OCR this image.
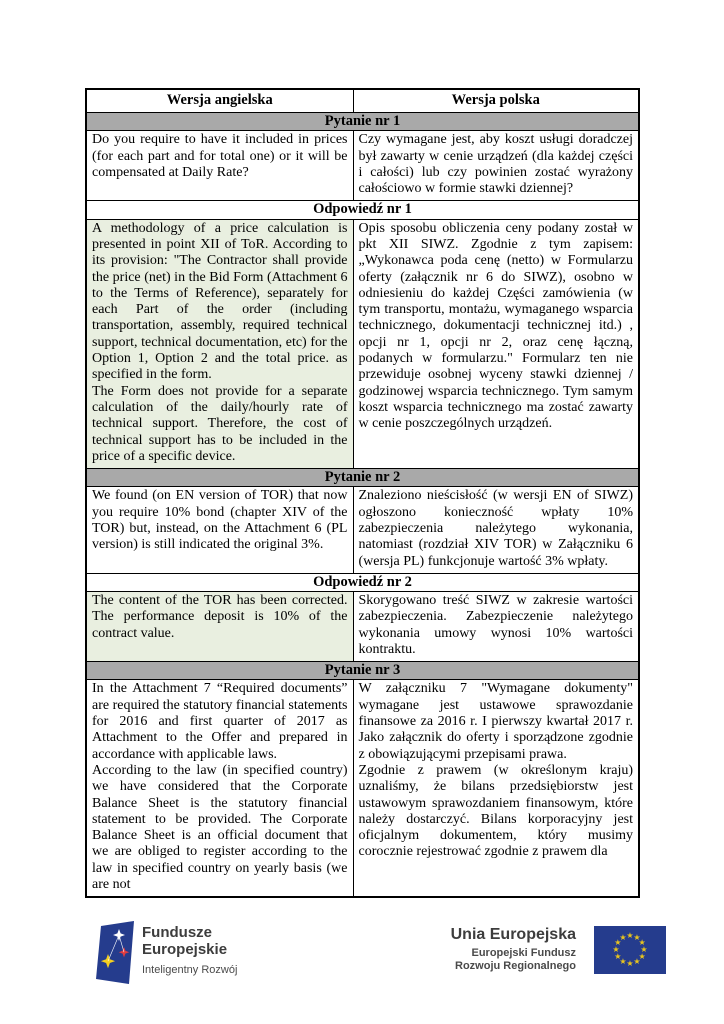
Wersja angielska	Wersja polska
Pytanie nr 1	
Do you require to have it included in prices (for each part and for total one) or it will be compensated at Daily Rate?	Czy wymagane jest, aby koszt usługi doradczej był zawarty w cenie urządzeń (dla każdej części i całości) lub czy powinien zostać wyrażony całościowo w formie stawki dziennej?
Odpowiedź nr 1	
A methodology of a price calculation is presented in point XII of ToR. According to its provision: "The Contractor shall provide the price (net) in the Bid Form (Attachment 6 to the Terms of Reference), separately for each Part of the order (including transportation, assembly, required technical support, technical documentation, etc) for the Option 1, Option 2 and the total price. as specified in the form.
The Form does not provide for a separate calculation of the daily/hourly rate of technical support. Therefore, the cost of technical support has to be included in the price of a specific device.	Opis sposobu obliczenia ceny podany został w pkt XII SIWZ. Zgodnie z tym zapisem: „Wykonawca poda cenę (netto) w Formularzu oferty (załącznik nr 6 do SIWZ), osobno w odniesieniu do każdej Części zamówienia (w tym transportu, montażu, wymaganego wsparcia technicznego, dokumentacji technicznej itd.) , opcji nr 1, opcji nr 2, oraz cenę łączną, podanych w formularzu." Formularz ten nie przewiduje osobnej wyceny stawki dziennej / godzinowej wsparcia technicznego. Tym samym koszt wsparcia technicznego ma zostać zawarty w cenie poszczególnych urządzeń.
Pytanie nr 2	
We found (on EN version of TOR) that now you require 10% bond (chapter XIV of the TOR) but, instead, on the Attachment 6 (PL version) is still indicated the original 3%.	Znaleziono nieścisłość (w wersji EN of SIWZ) ogłoszono konieczność wpłaty 10% zabezpieczenia należytego wykonania, natomiast (rozdział XIV TOR) w Załączniku 6 (wersja PL) funkcjonuje wartość 3% wpłaty.
Odpowiedź nr 2	
The content of the TOR has been corrected. The performance deposit is 10% of the contract value.	Skorygowano treść SIWZ w zakresie wartości zabezpieczenia. Zabezpieczenie należytego wykonania umowy wynosi 10% wartości kontraktu.
Pytanie nr 3	
In the Attachment 7 “Required documents” are required the statutory financial statements for 2016 and first quarter of 2017 as Attachment to the Offer and prepared in accordance with applicable laws.
According to the law (in specified country) we have considered that the Corporate Balance Sheet is the statutory financial statement to be provided. The Corporate Balance Sheet is an official document that we are obliged to register according to the law in specified country on yearly basis (we are not	W załączniku 7 "Wymagane dokumenty" wymagane jest ustawowe sprawozdanie finansowe za 2016 r. I pierwszy kwartał 2017 r. Jako załącznik do oferty i sporządzone zgodnie z obowiązującymi przepisami prawa.
Zgodnie z prawem (w określonym kraju) uznaliśmy, że bilans przedsiębiorstw jest ustawowym sprawozdaniem finansowym, które należy dostarczyć. Bilans korporacyjny jest oficjalnym dokumentem, który musimy corocznie rejestrować zgodnie z prawem dla
Fundusze
Europejskie
Inteligentny Rozwój
Unia Europejska
Europejski Fundusz
Rozwoju Regionalnego
★ ★
★
★
★
★
★
★
★
★
★
★
